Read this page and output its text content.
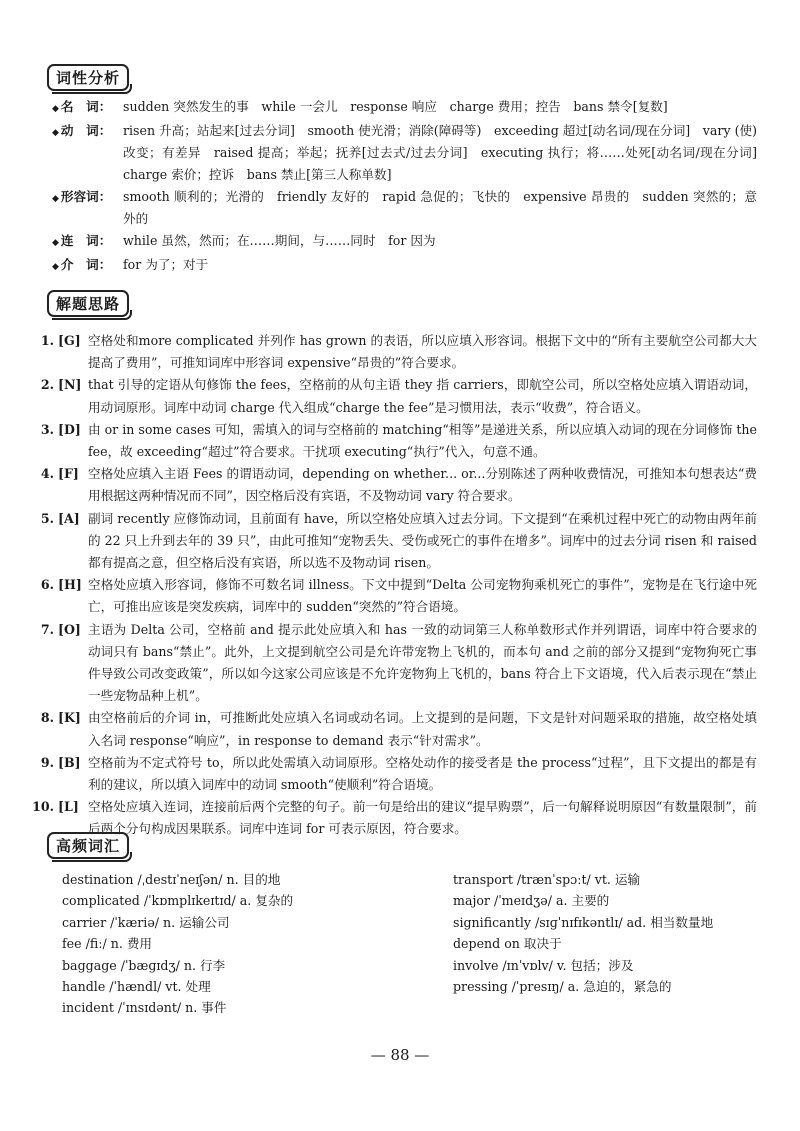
词性分析
◆ 名　词： sudden 突然发生的事　while 一会儿　response 响应　charge 费用；控告　bans 禁令[复数]
◆ 动　词： risen 升高；站起来[过去分词]　smooth 使光滑；消除(障碍等)　exceeding 超过[动名词/现在分词]　vary (使)改变；有差异　raised 提高；举起；抚养[过去式/过去分词]　executing 执行；将……处死[动名词/现在分词]　charge 索价；控诉　bans 禁止[第三人称单数]
◆ 形容词： smooth 顺利的；光滑的　friendly 友好的　rapid 急促的；飞快的　expensive 昂贵的　sudden 突然的；意外的
◆ 连　词： while 虽然，然而；在……期间，与……同时　for 因为
◆ 介　词： for 为了；对于
解题思路
1. [G] 空格处和more complicated 并列作 has grown 的表语，所以应填入形容词。根据下文中的“所有主要航空公司都大大提高了费用”，可推知词库中形容词 expensive“昂贵的”符合要求。
2. [N] that 引导的定语从句修饰 the fees，空格前的从句主语 they 指 carriers，即航空公司，所以空格处应填入谓语动词，用动词原形。词库中动词 charge 代入组成“charge the fee”是习惯用法，表示“收费”，符合语义。
3. [D] 由 or in some cases 可知，需填入的词与空格前的 matching“相等”是递进关系，所以应填入动词的现在分词修饰 the fee，故 exceeding“超过”符合要求。干扰项 executing“执行”代入，句意不通。
4. [F] 空格处应填入主语 Fees 的谓语动词，depending on whether... or...分别陈述了两种收费情况，可推知本句想表达“费用根据这两种情况而不同”，因空格后没有宾语，不及物动词 vary 符合要求。
5. [A] 副词 recently 应修饰动词，且前面有 have，所以空格处应填入过去分词。下文提到“在乘机过程中死亡的动物由两年前的 22 只上升到去年的 39 只”，由此可推知“宠物丢失、受伤或死亡的事件在增多”。词库中的过去分词 risen 和 raised 都有提高之意，但空格后没有宾语，所以选不及物动词 risen。
6. [H] 空格处应填入形容词，修饰不可数名词 illness。下文中提到“Delta 公司宠物狗乘机死亡的事件”，宠物是在飞行途中死亡，可推出应该是突发疾病，词库中的 sudden“突然的”符合语境。
7. [O] 主语为 Delta 公司，空格前 and 提示此处应填入和 has 一致的动词第三人称单数形式作并列谓语，词库中符合要求的动词只有 bans“禁止”。此外，上文提到航空公司是允许带宠物上飞机的，而本句 and 之前的部分又提到“宠物狗死亡事件导致公司改变政策”，所以如今这家公司应该是不允许宠物狗上飞机的，bans 符合上下文语境，代入后表示现在“禁止一些宠物品种上机”。
8. [K] 由空格前后的介词 in，可推断此处应填入名词或动名词。上文提到的是问题，下文是针对问题采取的措施，故空格处填入名词 response“响应”，in response to demand 表示“针对需求”。
9. [B] 空格前为不定式符号 to，所以此处需填入动词原形。空格处动作的接受者是 the process“过程”，且下文提出的都是有利的建议，所以填入词库中的动词 smooth“使顺利”符合语境。
10. [L] 空格处应填入连词，连接前后两个完整的句子。前一句是给出的建议“提早购票”，后一句解释说明原因“有数量限制”，前后两个分句构成因果联系。词库中连词 for 可表示原因，符合要求。
高频词汇
destination /ˌdestɪˈneɪʃən/ n. 目的地
complicated /ˈkɒmplɪkeɪtɪd/ a. 复杂的
carrier /ˈkæriə/ n. 运输公司
fee /fiː/ n. 费用
baggage /ˈbæɡɪdʒ/ n. 行李
handle /ˈhændl/ vt. 处理
incident /ˈɪnsɪdənt/ n. 事件
transport /trænˈspɔːt/ vt. 运输
major /ˈmeɪdʒə/ a. 主要的
significantly /sɪɡˈnɪfɪkəntlɪ/ ad. 相当数量地
depend on 取决于
involve /ɪnˈvɒlv/ v. 包括；涉及
pressing /ˈpresɪŋ/ a. 急迫的，紧急的
— 88 —
